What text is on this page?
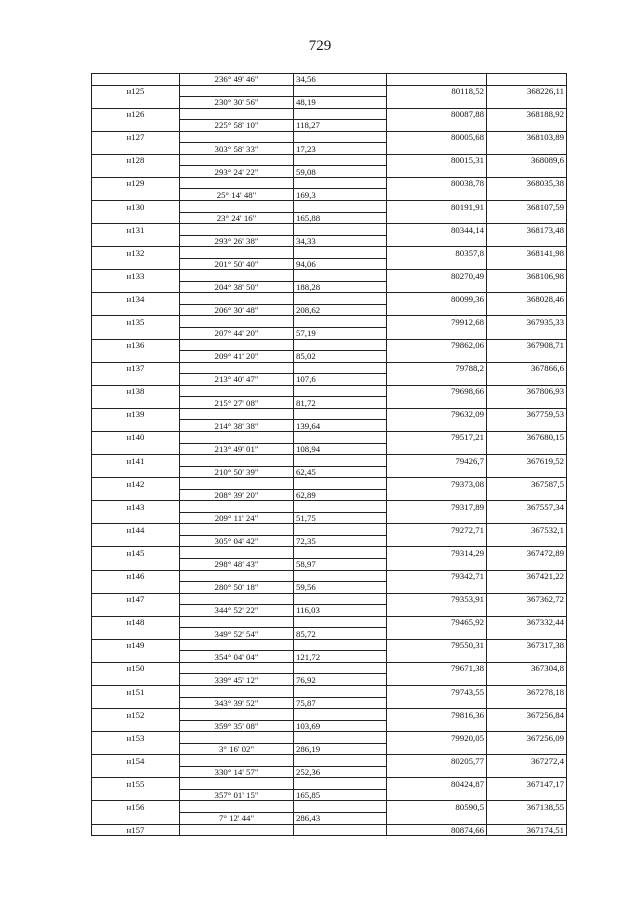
729
	236° 49' 46"	34,56		
н125			80118,52	368226,11
	230° 30' 56"	48,19		
н126			80087,88	368188,92
	225° 58' 10"	118,27		
н127			80005,68	368103,89
	303° 58' 33"	17,23		
н128			80015,31	368089,6
	293° 24' 22"	59,08		
н129			80038,78	368035,38
	25° 14' 48"	169,3		
н130			80191,91	368107,59
	23° 24' 16"	165,88		
н131			80344,14	368173,48
	293° 26' 38"	34,33		
н132			80357,8	368141,98
	201° 50' 40"	94,06		
н133			80270,49	368106,98
	204° 38' 50"	188,28		
н134			80099,36	368028,46
	206° 30' 48"	208,62		
н135			79912,68	367935,33
	207° 44' 20"	57,19		
н136			79862,06	367908,71
	209° 41' 20"	85,02		
н137			79788,2	367866,6
	213° 40' 47"	107,6		
н138			79698,66	367806,93
	215° 27' 08"	81,72		
н139			79632,09	367759,53
	214° 38' 38"	139,64		
н140			79517,21	367680,15
	213° 49' 01"	108,94		
н141			79426,7	367619,52
	210° 50' 39"	62,45		
н142			79373,08	367587,5
	208° 39' 20"	62,89		
н143			79317,89	367557,34
	209° 11' 24"	51,75		
н144			79272,71	367532,1
	305° 04' 42"	72,35		
н145			79314,29	367472,89
	298° 48' 43"	58,97		
н146			79342,71	367421,22
	280° 50' 18"	59,56		
н147			79353,91	367362,72
	344° 52' 22"	116,03		
н148			79465,92	367332,44
	349° 52' 54"	85,72		
н149			79550,31	367317,38
	354° 04' 04"	121,72		
н150			79671,38	367304,8
	339° 45' 12"	76,92		
н151			79743,55	367278,18
	343° 39' 52"	75,87		
н152			79816,36	367256,84
	359° 35' 08"	103,69		
н153			79920,05	367256,09
	3° 16' 02"	286,19		
н154			80205,77	367272,4
	330° 14' 57"	252,36		
н155			80424,87	367147,17
	357° 01' 15"	165,85		
н156			80590,5	367138,55
	7° 12' 44"	286,43		
н157			80874,66	367174,51
